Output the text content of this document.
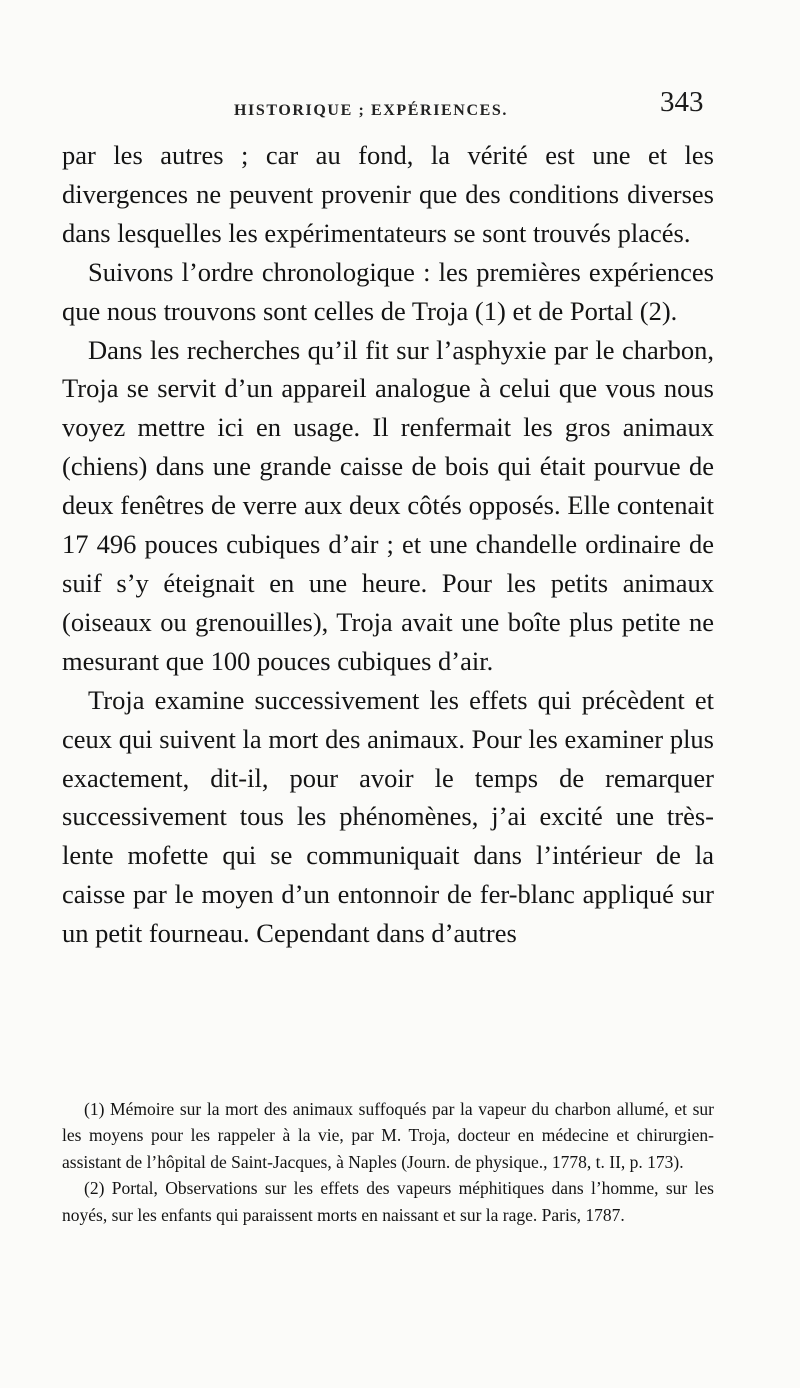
HISTORIQUE ; EXPÉRIENCES.	343

par les autres ; car au fond, la vérité est une et les divergences ne peuvent provenir que des conditions diverses dans lesquelles les expérimentateurs se sont trouvés placés.

Suivons l’ordre chronologique : les premières expériences que nous trouvons sont celles de Troja (1) et de Portal (2).

Dans les recherches qu’il fit sur l’asphyxie par le charbon, Troja se servit d’un appareil analogue à celui que vous nous voyez mettre ici en usage. Il renfermait les gros animaux (chiens) dans une grande caisse de bois qui était pourvue de deux fenêtres de verre aux deux côtés opposés. Elle contenait 17 496 pouces cubiques d’air ; et une chandelle ordinaire de suif s’y éteignait en une heure. Pour les petits animaux (oiseaux ou grenouilles), Troja avait une boîte plus petite ne mesurant que 100 pouces cubiques d’air.

Troja examine successivement les effets qui précèdent et ceux qui suivent la mort des animaux. Pour les examiner plus exactement, dit-il, pour avoir le temps de remarquer successivement tous les phénomènes, j’ai excité une très-lente mofette qui se communiquait dans l’intérieur de la caisse par le moyen d’un entonnoir de fer-blanc appliqué sur un petit fourneau. Cependant dans d’autres

(1) Mémoire sur la mort des animaux suffoqués par la vapeur du charbon allumé, et sur les moyens pour les rappeler à la vie, par M. Troja, docteur en médecine et chirurgien-assistant de l’hôpital de Saint-Jacques, à Naples (Journ. de physique., 1778, t. II, p. 173).

(2) Portal, Observations sur les effets des vapeurs méphitiques dans l’homme, sur les noyés, sur les enfants qui paraissent morts en naissant et sur la rage. Paris, 1787.
